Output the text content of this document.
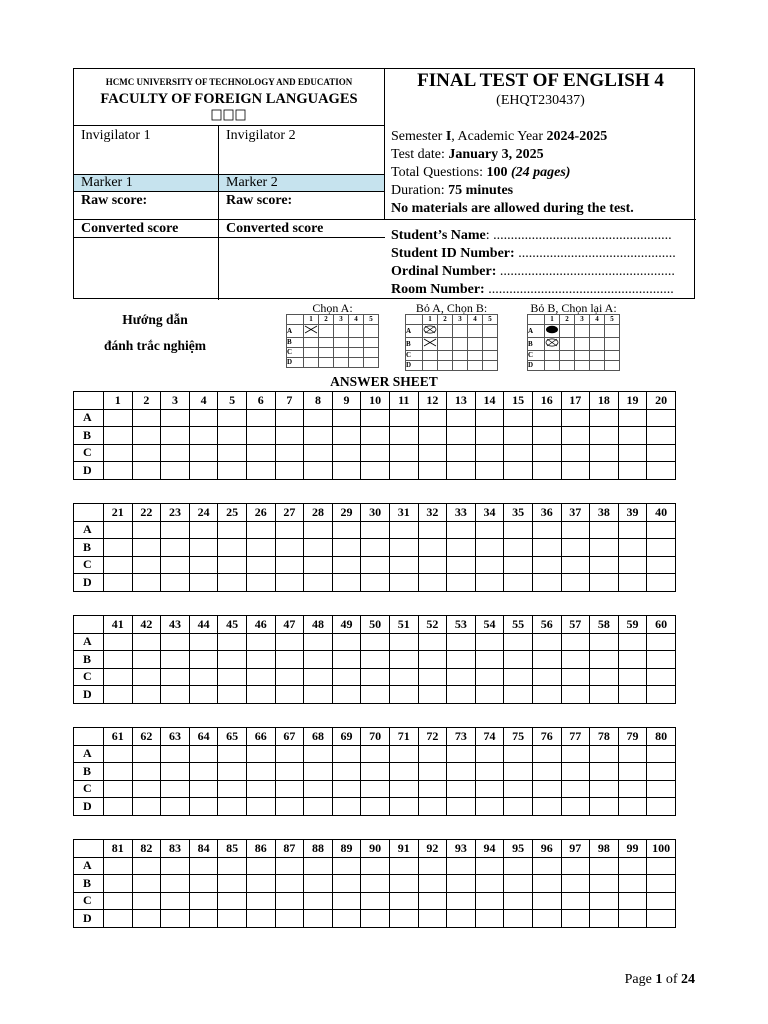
HCMC UNIVERSITY OF TECHNOLOGY AND EDUCATION
FACULTY OF FOREIGN LANGUAGES
Invigilator 1	Invigilator 2
Marker 1	Marker 2
Raw score:	Raw score:
Converted score	Converted score
FINAL TEST OF ENGLISH 4
(EHQT230437)
Semester I, Academic Year 2024-2025
Test date: January 3, 2025
Total Questions: 100 (24 pages)
Duration: 75 minutes
No materials are allowed during the test.
Student’s Name: ...................................................
Student ID Number: .............................................
Ordinal Number: ..................................................
Room Number: .....................................................
Hướng dẫn
đánh trắc nghiệm
Chọn A:
	1	2	3	4	5
A					
B					
C					
D					
Bỏ A, Chọn B:
	1	2	3	4	5
A					
B					
C					
D					
Bỏ B, Chọn lại A:
	1	2	3	4	5
A					
B					
C					
D					
ANSWER SHEET
	1	2	3	4	5	6	7	8	9	10	11	12	13	14	15	16	17	18	19	20
A																				
B																				
C																				
D																				
	21	22	23	24	25	26	27	28	29	30	31	32	33	34	35	36	37	38	39	40
A																				
B																				
C																				
D																				
	41	42	43	44	45	46	47	48	49	50	51	52	53	54	55	56	57	58	59	60
A																				
B																				
C																				
D																				
	61	62	63	64	65	66	67	68	69	70	71	72	73	74	75	76	77	78	79	80
A																				
B																				
C																				
D																				
	81	82	83	84	85	86	87	88	89	90	91	92	93	94	95	96	97	98	99	100
A																				
B																				
C																				
D																				
Page 1 of 24
